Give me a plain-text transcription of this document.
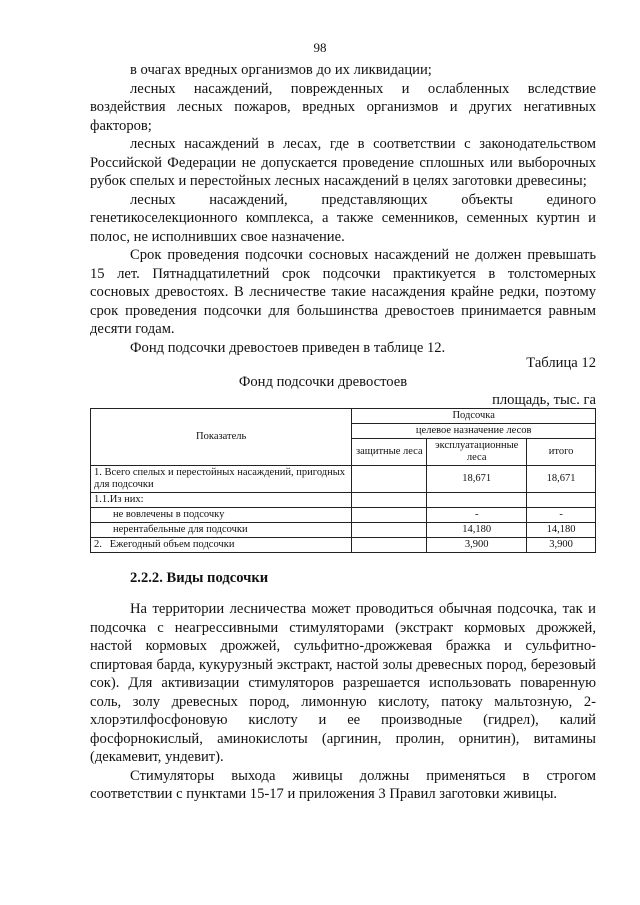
98

в очагах вредных организмов до их ликвидации;

лесных насаждений, поврежденных и ослабленных вследствие воздействия лесных пожаров, вредных организмов и других негативных факторов;

лесных насаждений в лесах, где в соответствии с законодательством Российской Федерации не допускается проведение сплошных или выборочных рубок спелых и перестойных лесных насаждений в целях заготовки древесины;

лесных насаждений, представляющих объекты единого генетикоселекционного комплекса, а также семенников, семенных куртин и полос, не исполнивших свое назначение.

Срок проведения подсочки сосновых насаждений не должен превышать 15 лет. Пятнадцатилетний срок подсочки практикуется в толстомерных сосновых древостоях. В лесничестве такие насаждения крайне редки, поэтому срок проведения подсочки для большинства древостоев принимается равным десяти годам.

Фонд подсочки древостоев приведен в таблице 12.

Таблица 12
Фонд подсочки древостоев
площадь, тыс. га
Показатель	Подсочка		
	целевое назначение лесов		
	защитные леса	эксплуатационные леса	итого
1. Всего спелых и перестойных насаждений, пригодных для подсочки		18,671	18,671
1.1.Из них:			
не вовлечены в подсочку		-	-
нерентабельные для подсочки		14,180	14,180
2.   Ежегодный объем подсочки		3,900	3,900
2.2.2. Виды подсочки

На территории лесничества может проводиться обычная подсочка, так и подсочка с неагрессивными стимуляторами (экстракт кормовых дрожжей, настой кормовых дрожжей, сульфитно-дрожжевая бражка и сульфитно-спиртовая барда, кукурузный экстракт, настой золы древесных пород, березовый сок). Для активизации стимуляторов разрешается использовать поваренную соль, золу древесных пород, лимонную кислоту, патоку мальтозную, 2-хлорэтилфосфоновую кислоту и ее производные (гидрел), калий фосфорнокислый, аминокислоты (аргинин, пролин, орнитин), витамины (декамевит, ундевит).

Стимуляторы выхода живицы должны применяться в строгом соответствии с пунктами 15-17 и приложения 3 Правил заготовки живицы.
